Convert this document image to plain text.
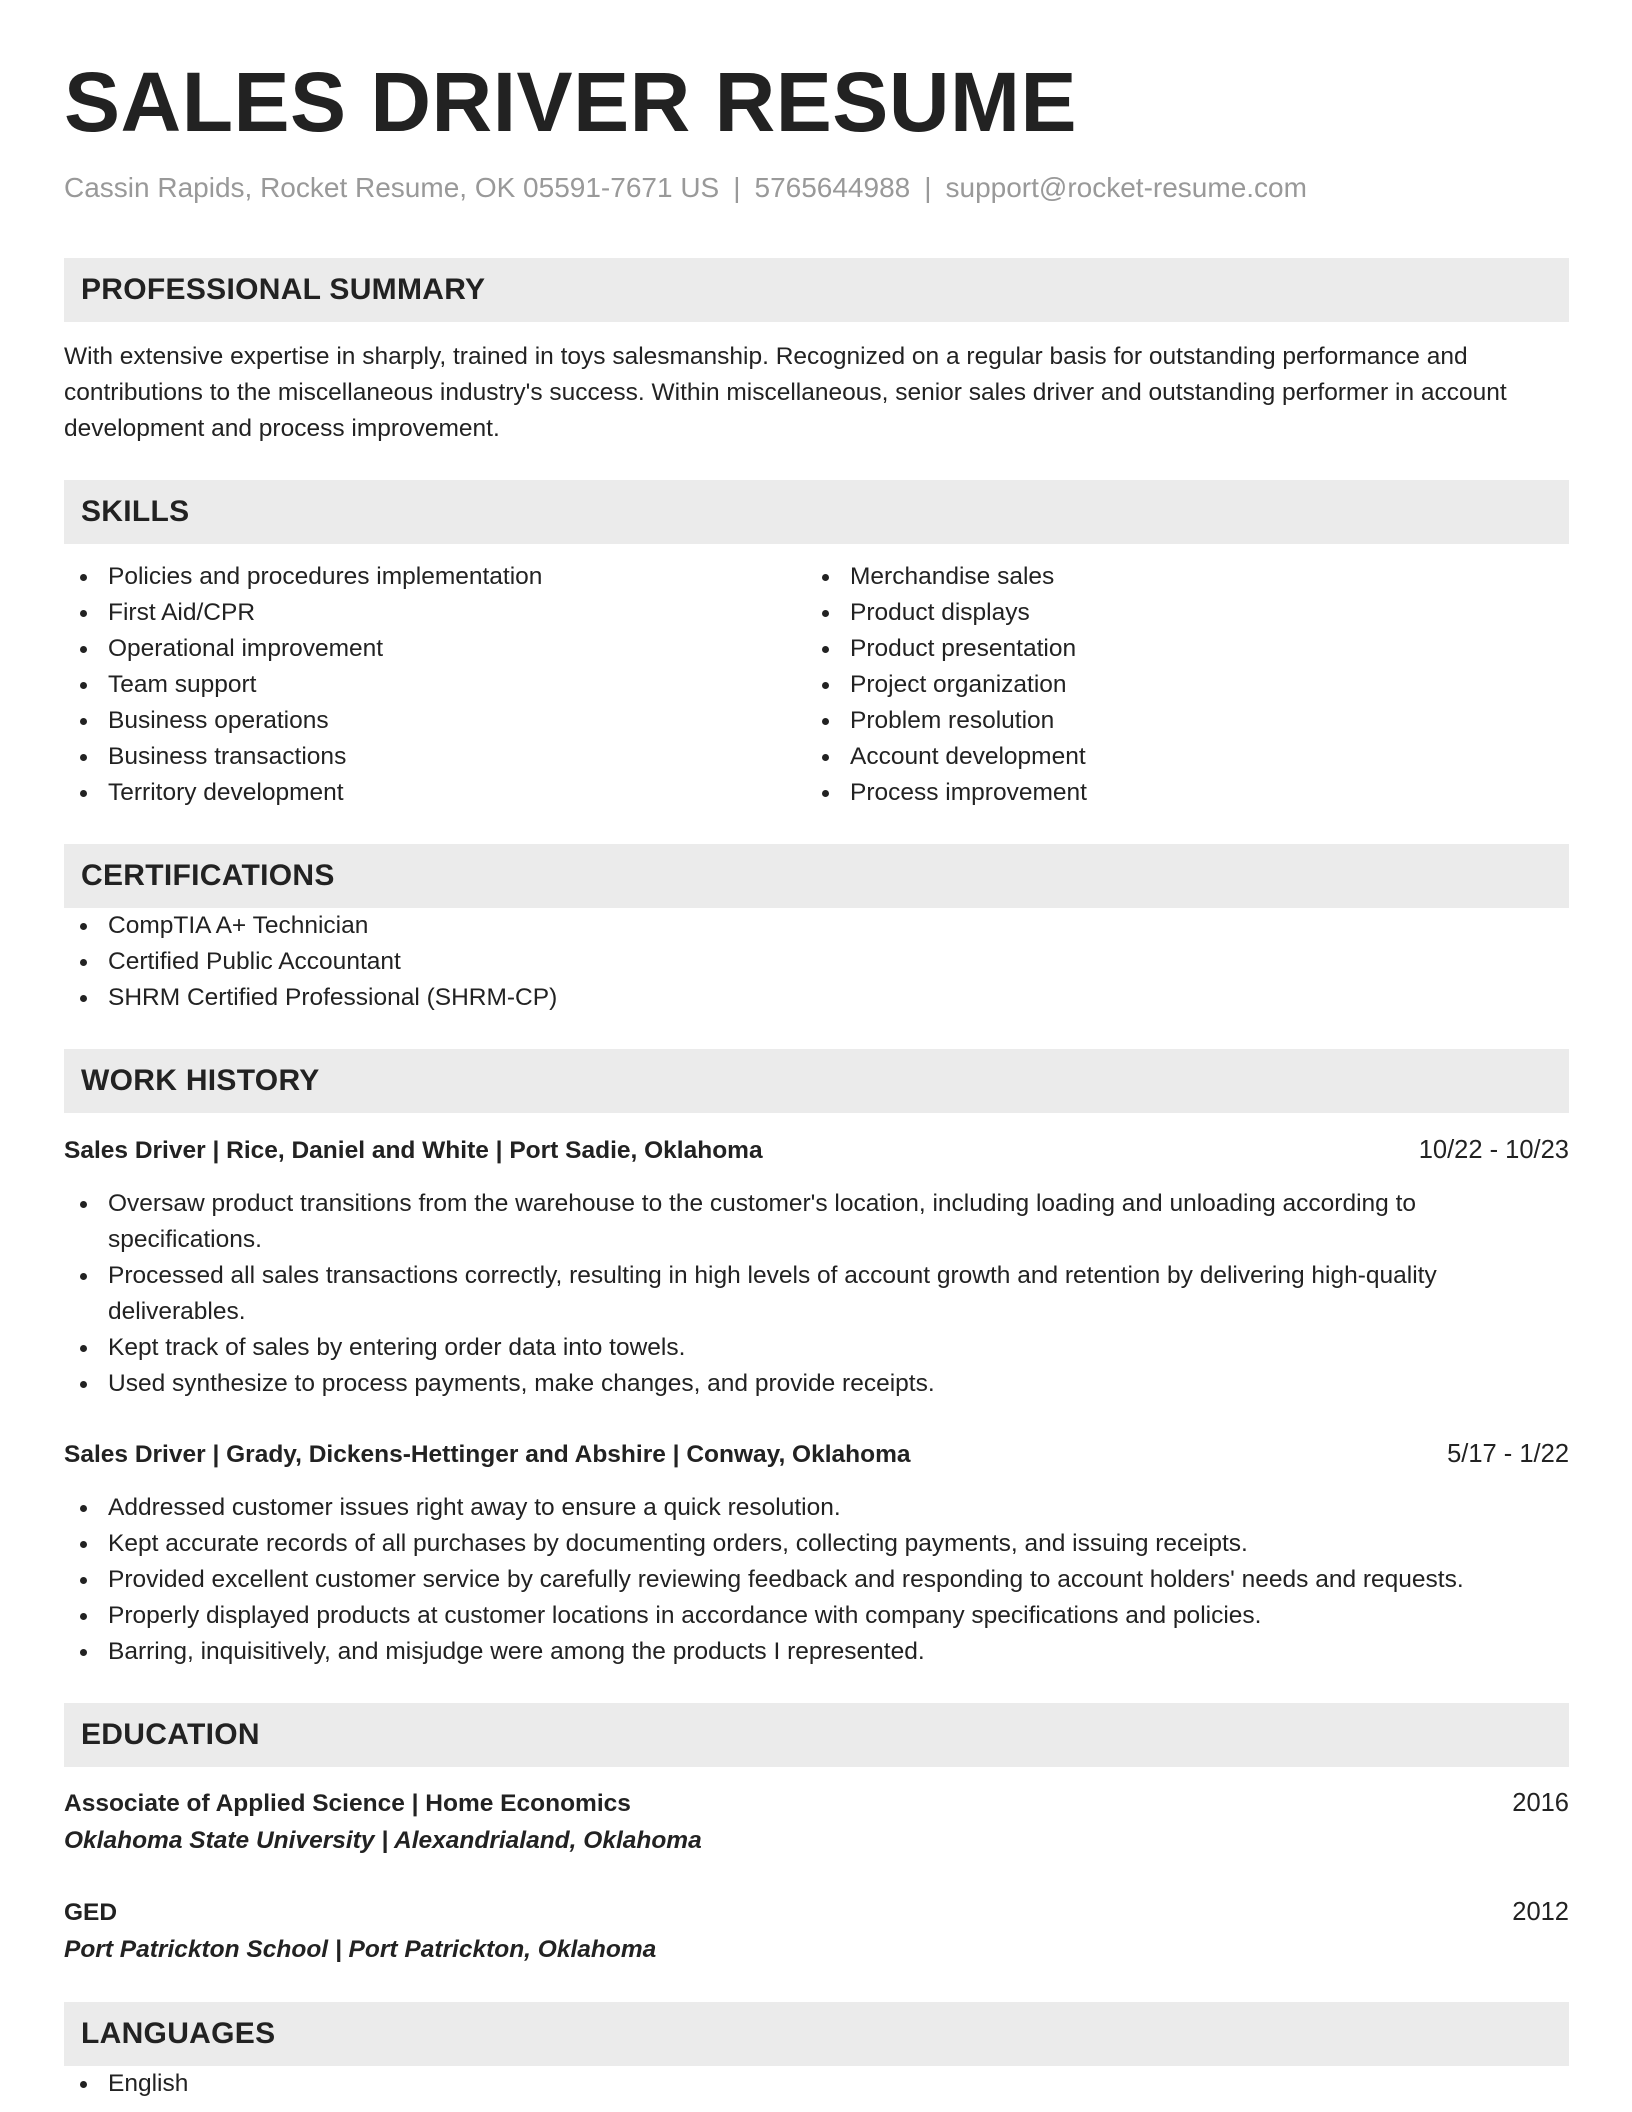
SALES DRIVER RESUME
Cassin Rapids, Rocket Resume, OK 05591-7671 US | 5765644988 | support@rocket-resume.com
PROFESSIONAL SUMMARY

With extensive expertise in sharply, trained in toys salesmanship. Recognized on a regular basis for outstanding performance and contributions to the miscellaneous industry's success. Within miscellaneous, senior sales driver and outstanding performer in account development and process improvement.

SKILLS
Policies and procedures implementation
First Aid/CPR
Operational improvement
Team support
Business operations
Business transactions
Territory development
Merchandise sales
Product displays
Product presentation
Project organization
Problem resolution
Account development
Process improvement
CERTIFICATIONS
CompTIA A+ Technician
Certified Public Accountant
SHRM Certified Professional (SHRM-CP)
WORK HISTORY
Sales Driver | Rice, Daniel and White | Port Sadie, Oklahoma	10/22 - 10/23
Oversaw product transitions from the warehouse to the customer's location, including loading and unloading according to specifications.
Processed all sales transactions correctly, resulting in high levels of account growth and retention by delivering high-quality deliverables.
Kept track of sales by entering order data into towels.
Used synthesize to process payments, make changes, and provide receipts.
Sales Driver | Grady, Dickens-Hettinger and Abshire | Conway, Oklahoma	5/17 - 1/22
Addressed customer issues right away to ensure a quick resolution.
Kept accurate records of all purchases by documenting orders, collecting payments, and issuing receipts.
Provided excellent customer service by carefully reviewing feedback and responding to account holders' needs and requests.
Properly displayed products at customer locations in accordance with company specifications and policies.
Barring, inquisitively, and misjudge were among the products I represented.
EDUCATION
Associate of Applied Science | Home Economics	2016
Oklahoma State University | Alexandrialand, Oklahoma
GED	2012
Port Patrickton School | Port Patrickton, Oklahoma
LANGUAGES
English
